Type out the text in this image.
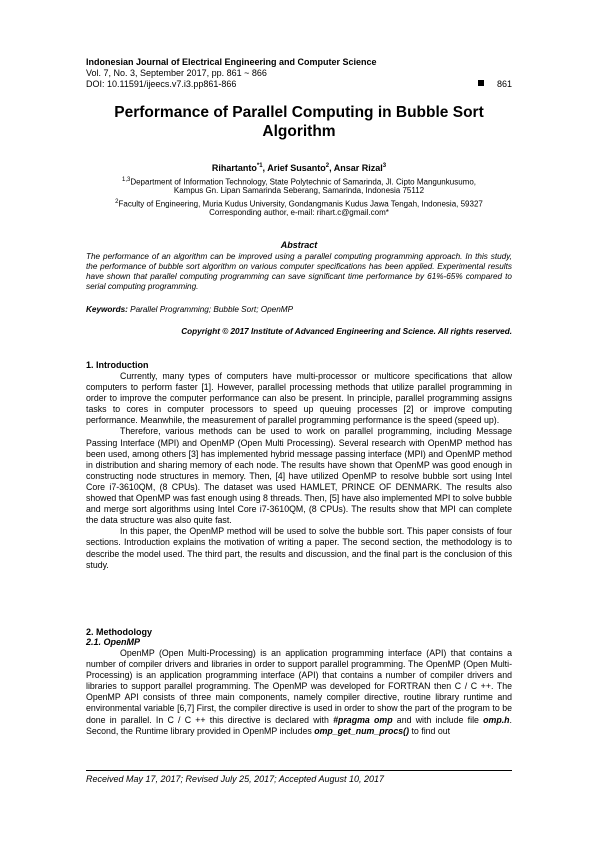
Indonesian Journal of Electrical Engineering and Computer Science
Vol. 7, No. 3, September 2017, pp. 861 ~ 866
DOI: 10.11591/ijeecs.v7.i3.pp861-866	861
Performance of Parallel Computing in Bubble Sort Algorithm
Rihartanto$^{*1}$, Arief Susanto$^2$, Ansar Rizal$^3$
$^{1,3}$Department of Information Technology, State Polytechnic of Samarinda, Jl. Cipto Mangunkusumo,
Kampus Gn. Lipan Samarinda Seberang, Samarinda, Indonesia 75112
$^2$Faculty of Engineering, Muria Kudus University, Gondangmanis Kudus Jawa Tengah, Indonesia, 59327
Corresponding author, e-mail: rihart.c@gmail.com*
Abstract
The performance of an algorithm can be improved using a parallel computing programming approach. In this study, the performance of bubble sort algorithm on various computer specifications has been applied. Experimental results have shown that parallel computing programming can save significant time performance by 61%-65% compared to serial computing programming.
Keywords: Parallel Programming; Bubble Sort; OpenMP
Copyright © 2017 Institute of Advanced Engineering and Science. All rights reserved.
1. Introduction

Currently, many types of computers have multi-processor or multicore specifications that allow computers to perform faster [1]. However, parallel processing methods that utilize parallel programming in order to improve the computer performance can also be present. In principle, parallel programming assigns tasks to cores in computer processors to speed up queuing processes [2] or improve computing performance. Meanwhile, the measurement of parallel programming performance is the speed (speed up).

Therefore, various methods can be used to work on parallel programming, including Message Passing Interface (MPI) and OpenMP (Open Multi Processing). Several research with OpenMP method has been used, among others [3] has implemented hybrid message passing interface (MPI) and OpenMP method in distribution and sharing memory of each node. The results have shown that OpenMP was good enough in constructing node structures in memory. Then, [4] have utilized OpenMP to resolve bubble sort using Intel Core i7-3610QM, (8 CPUs). The dataset was used HAMLET, PRINCE OF DENMARK. The results also showed that OpenMP was fast enough using 8 threads. Then, [5] have also implemented MPI to solve bubble and merge sort algorithms using Intel Core i7-3610QM, (8 CPUs). The results show that MPI can complete the data structure was also quite fast.

In this paper, the OpenMP method will be used to solve the bubble sort. This paper consists of four sections. Introduction explains the motivation of writing a paper. The second section, the methodology is to describe the model used. The third part, the results and discussion, and the final part is the conclusion of this study.

2. Methodology
2.1. OpenMP

OpenMP (Open Multi-Processing) is an application programming interface (API) that contains a number of compiler drivers and libraries in order to support parallel programming. The OpenMP (Open Multi-Processing) is an application programming interface (API) that contains a number of compiler drivers and libraries to support parallel programming. The OpenMP was developed for FORTRAN then C / C ++. The OpenMP API consists of three main components, namely compiler directive, routine library runtime and environmental variable [6,7] First, the compiler directive is used in order to show the part of the program to be done in parallel. In C / C ++ this directive is declared with #pragma omp and with include file omp.h. Second, the Runtime library provided in OpenMP includes omp_get_num_procs() to find out

Received May 17, 2017; Revised July 25, 2017; Accepted August 10, 2017
